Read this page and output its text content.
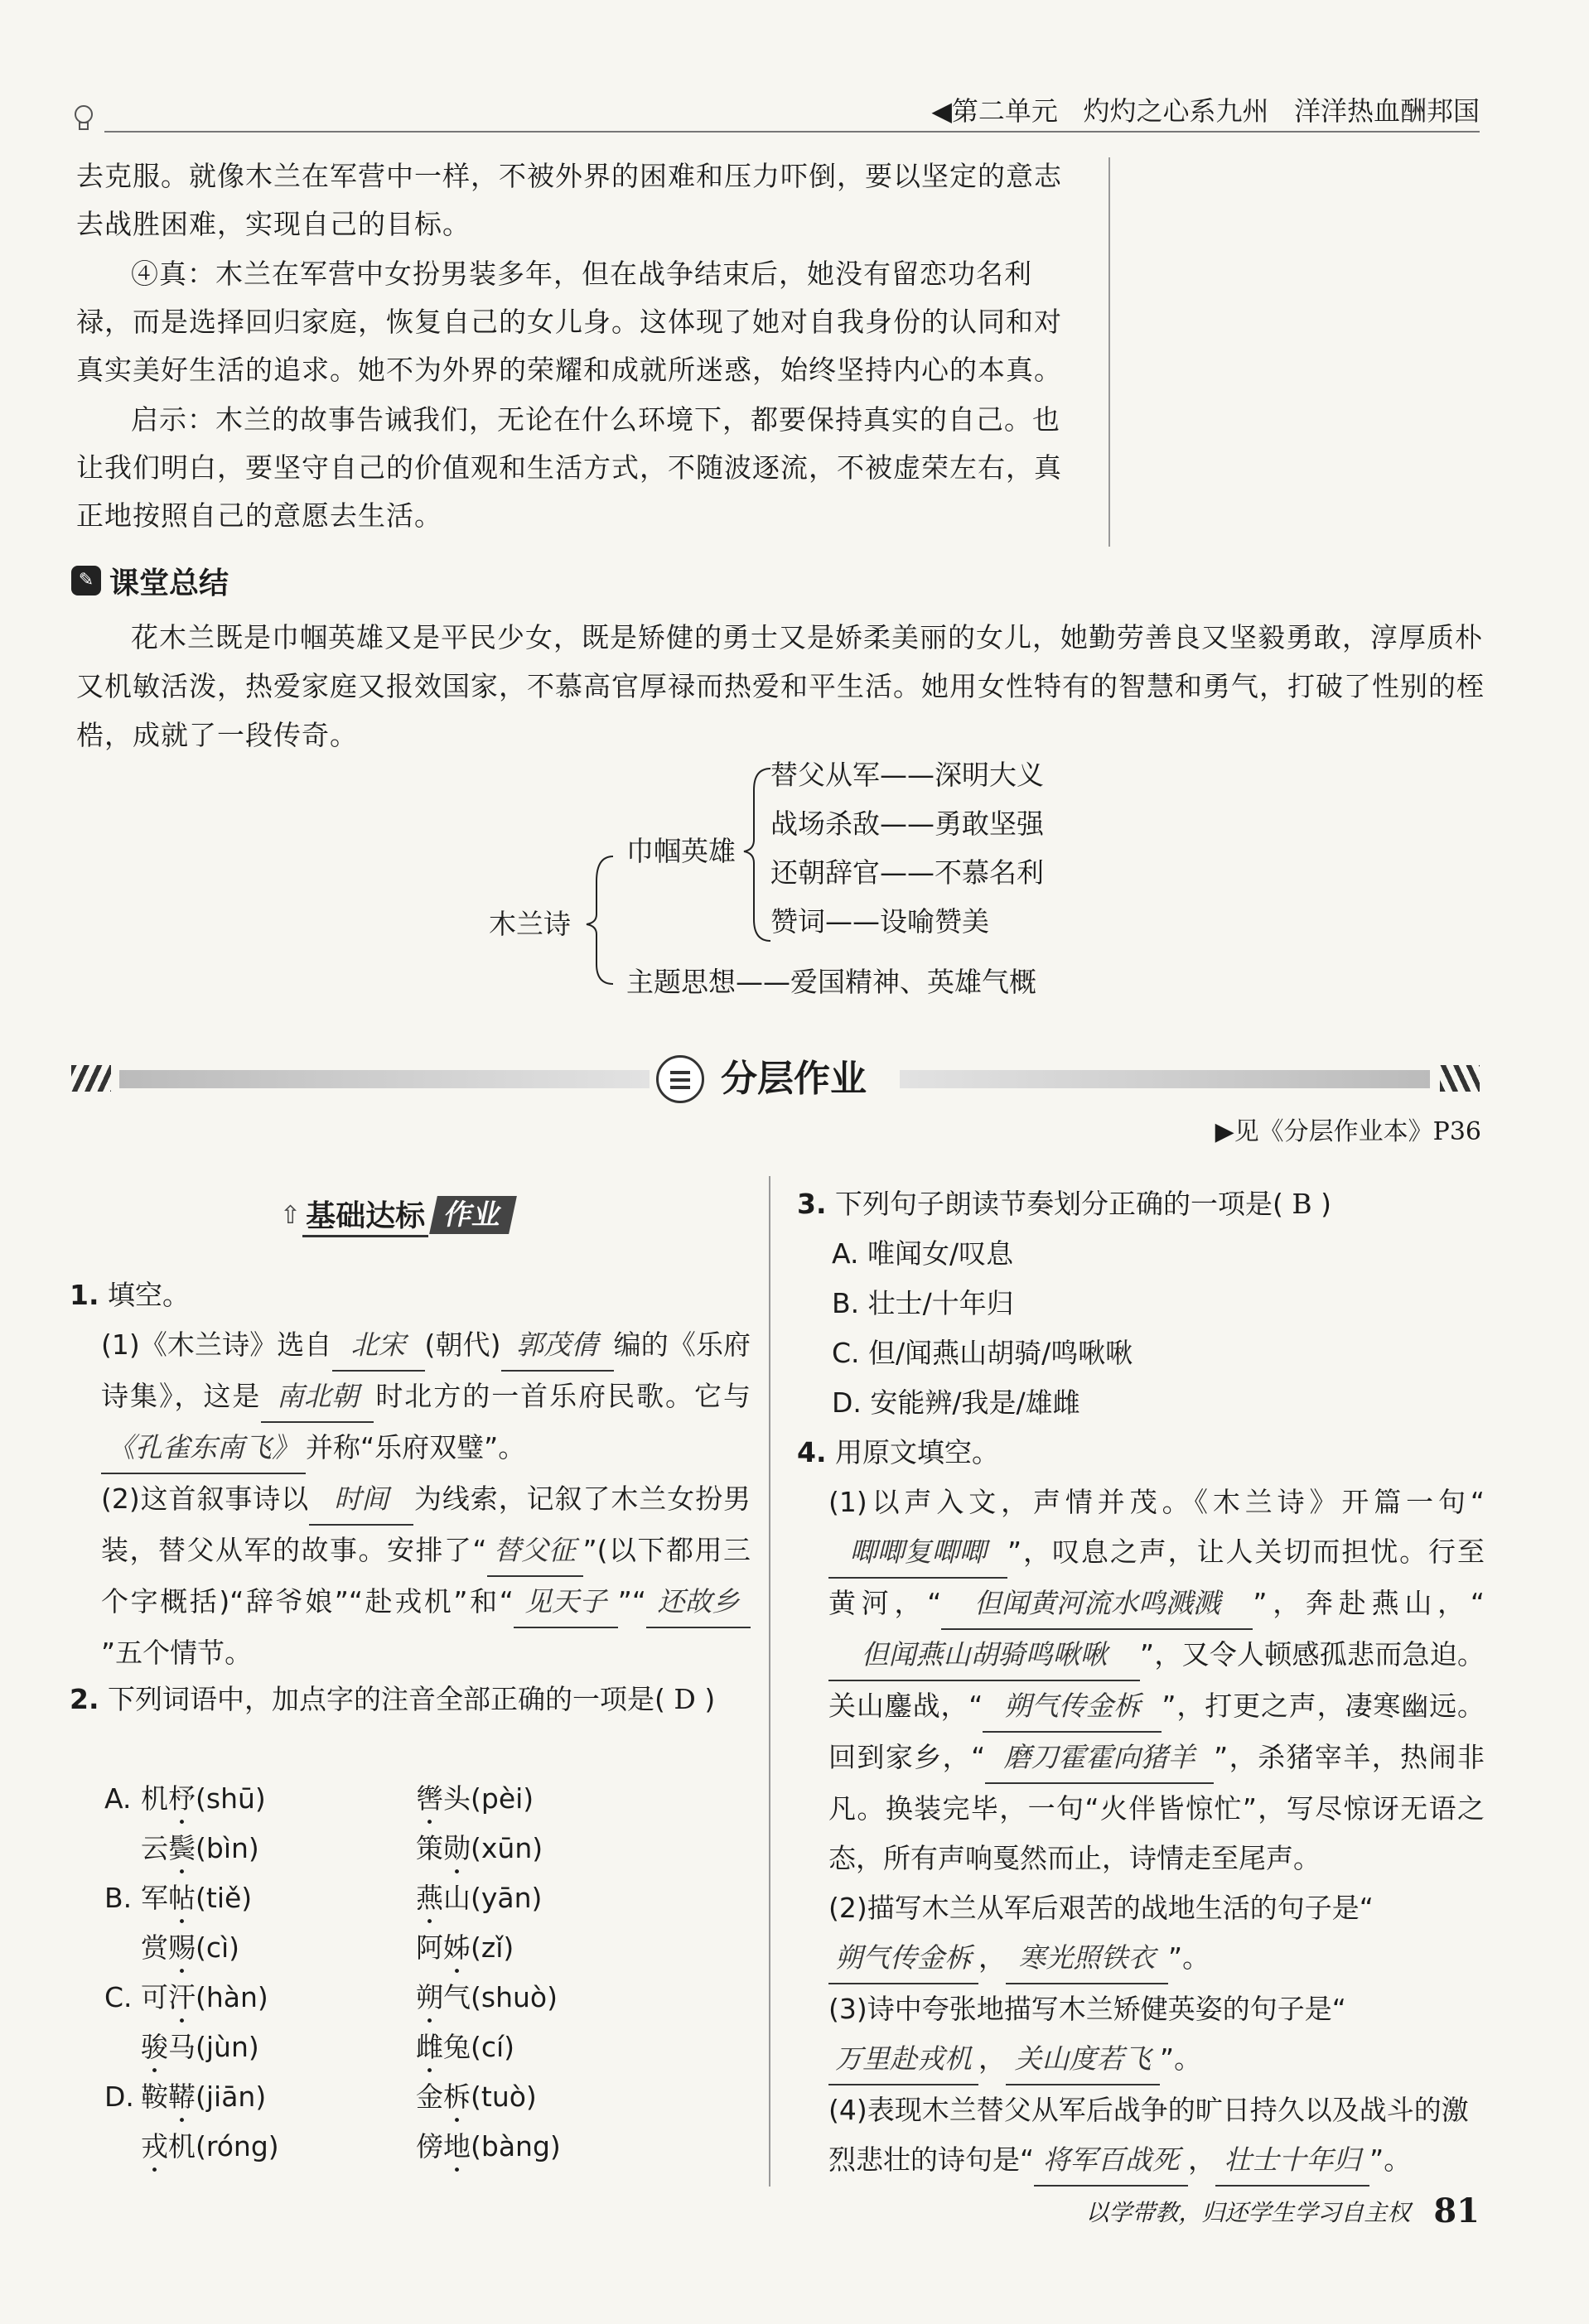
◀第二单元 灼灼之心系九州 洋洋热血酬邦国

去克服。就像木兰在军营中一样，不被外界的困难和压力吓倒，要以坚定的意志去战胜困难，实现自己的目标。

④真：木兰在军营中女扮男装多年，但在战争结束后，她没有留恋功名利禄，而是选择回归家庭，恢复自己的女儿身。这体现了她对自我身份的认同和对真实美好生活的追求。她不为外界的荣耀和成就所迷惑，始终坚持内心的本真。

启示：木兰的故事告诫我们，无论在什么环境下，都要保持真实的自己。也让我们明白，要坚守自己的价值观和生活方式，不随波逐流，不被虚荣左右，真正地按照自己的意愿去生活。

✎ 课堂总结

花木兰既是巾帼英雄又是平民少女，既是矫健的勇士又是娇柔美丽的女儿，她勤劳善良又坚毅勇敢，淳厚质朴又机敏活泼，热爱家庭又报效国家，不慕高官厚禄而热爱和平生活。她用女性特有的智慧和勇气，打破了性别的桎梏，成就了一段传奇。

木兰诗
巾帼英雄
替父从军——深明大义
战场杀敌——勇敢坚强
还朝辞官——不慕名利
赞词——设喻赞美
主题思想——爱国精神、英雄气概
分层作业
▶见《分层作业本》P36
⇧ 基础达标 作业

1. 填空。

(1)《木兰诗》选自 北宋 (朝代) 郭茂倩 编的《乐府诗集》，这是 南北朝 时北方的一首乐府民歌。它与《孔雀东南飞》 并称“乐府双璧”。

(2)这首叙事诗以 时间 为线索，记叙了木兰女扮男装，替父从军的故事。安排了“ 替父征 ”(以下都用三个字概括)“辞爷娘”“赴戎机”和“ 见天子 ”“ 还故乡”五个情节。

2. 下列词语中，加点字的注音全部正确的一项是( D )

A. 机杼(shū)	辔头(pèi)
云鬓(bìn)	策勋(xūn)
B. 军帖(tiě)	燕山(yān)
赏赐(cì)	阿姊(zǐ)
C. 可汗(hàn)	朔气(shuò)
骏马(jùn)	雌兔(cí)
D. 鞍鞯(jiān)	金柝(tuò)
戎机(róng)	傍地(bàng)

3. 下列句子朗读节奏划分正确的一项是( B )

A. 唯闻女/叹息

B. 壮士/十年归

C. 但/闻燕山胡骑/鸣啾啾

D. 安能辨/我是/雄雌

4. 用原文填空。

(1)以声入文，声情并茂。《木兰诗》开篇一句“唧唧复唧唧 ”，叹息之声，让人关切而担忧。行至黄河，“ 但闻黄河流水鸣溅溅 ”，奔赴燕山，“但闻燕山胡骑鸣啾啾 ”，又令人顿感孤悲而急迫。关山鏖战，“ 朔气传金柝 ”，打更之声，凄寒幽远。回到家乡，“ 磨刀霍霍向猪羊 ”，杀猪宰羊，热闹非凡。换装完毕，一句“火伴皆惊忙”，写尽惊讶无语之态，所有声响戛然而止，诗情走至尾声。

(2)描写木兰从军后艰苦的战地生活的句子是“朔气传金柝 ， 寒光照铁衣 ”。

(3)诗中夸张地描写木兰矫健英姿的句子是“万里赴戎机 ， 关山度若飞 ”。

(4)表现木兰替父从军后战争的旷日持久以及战斗的激烈悲壮的诗句是“ 将军百战死 ， 壮士十年归 ”。

以学带教，归还学生学习自主权 81
